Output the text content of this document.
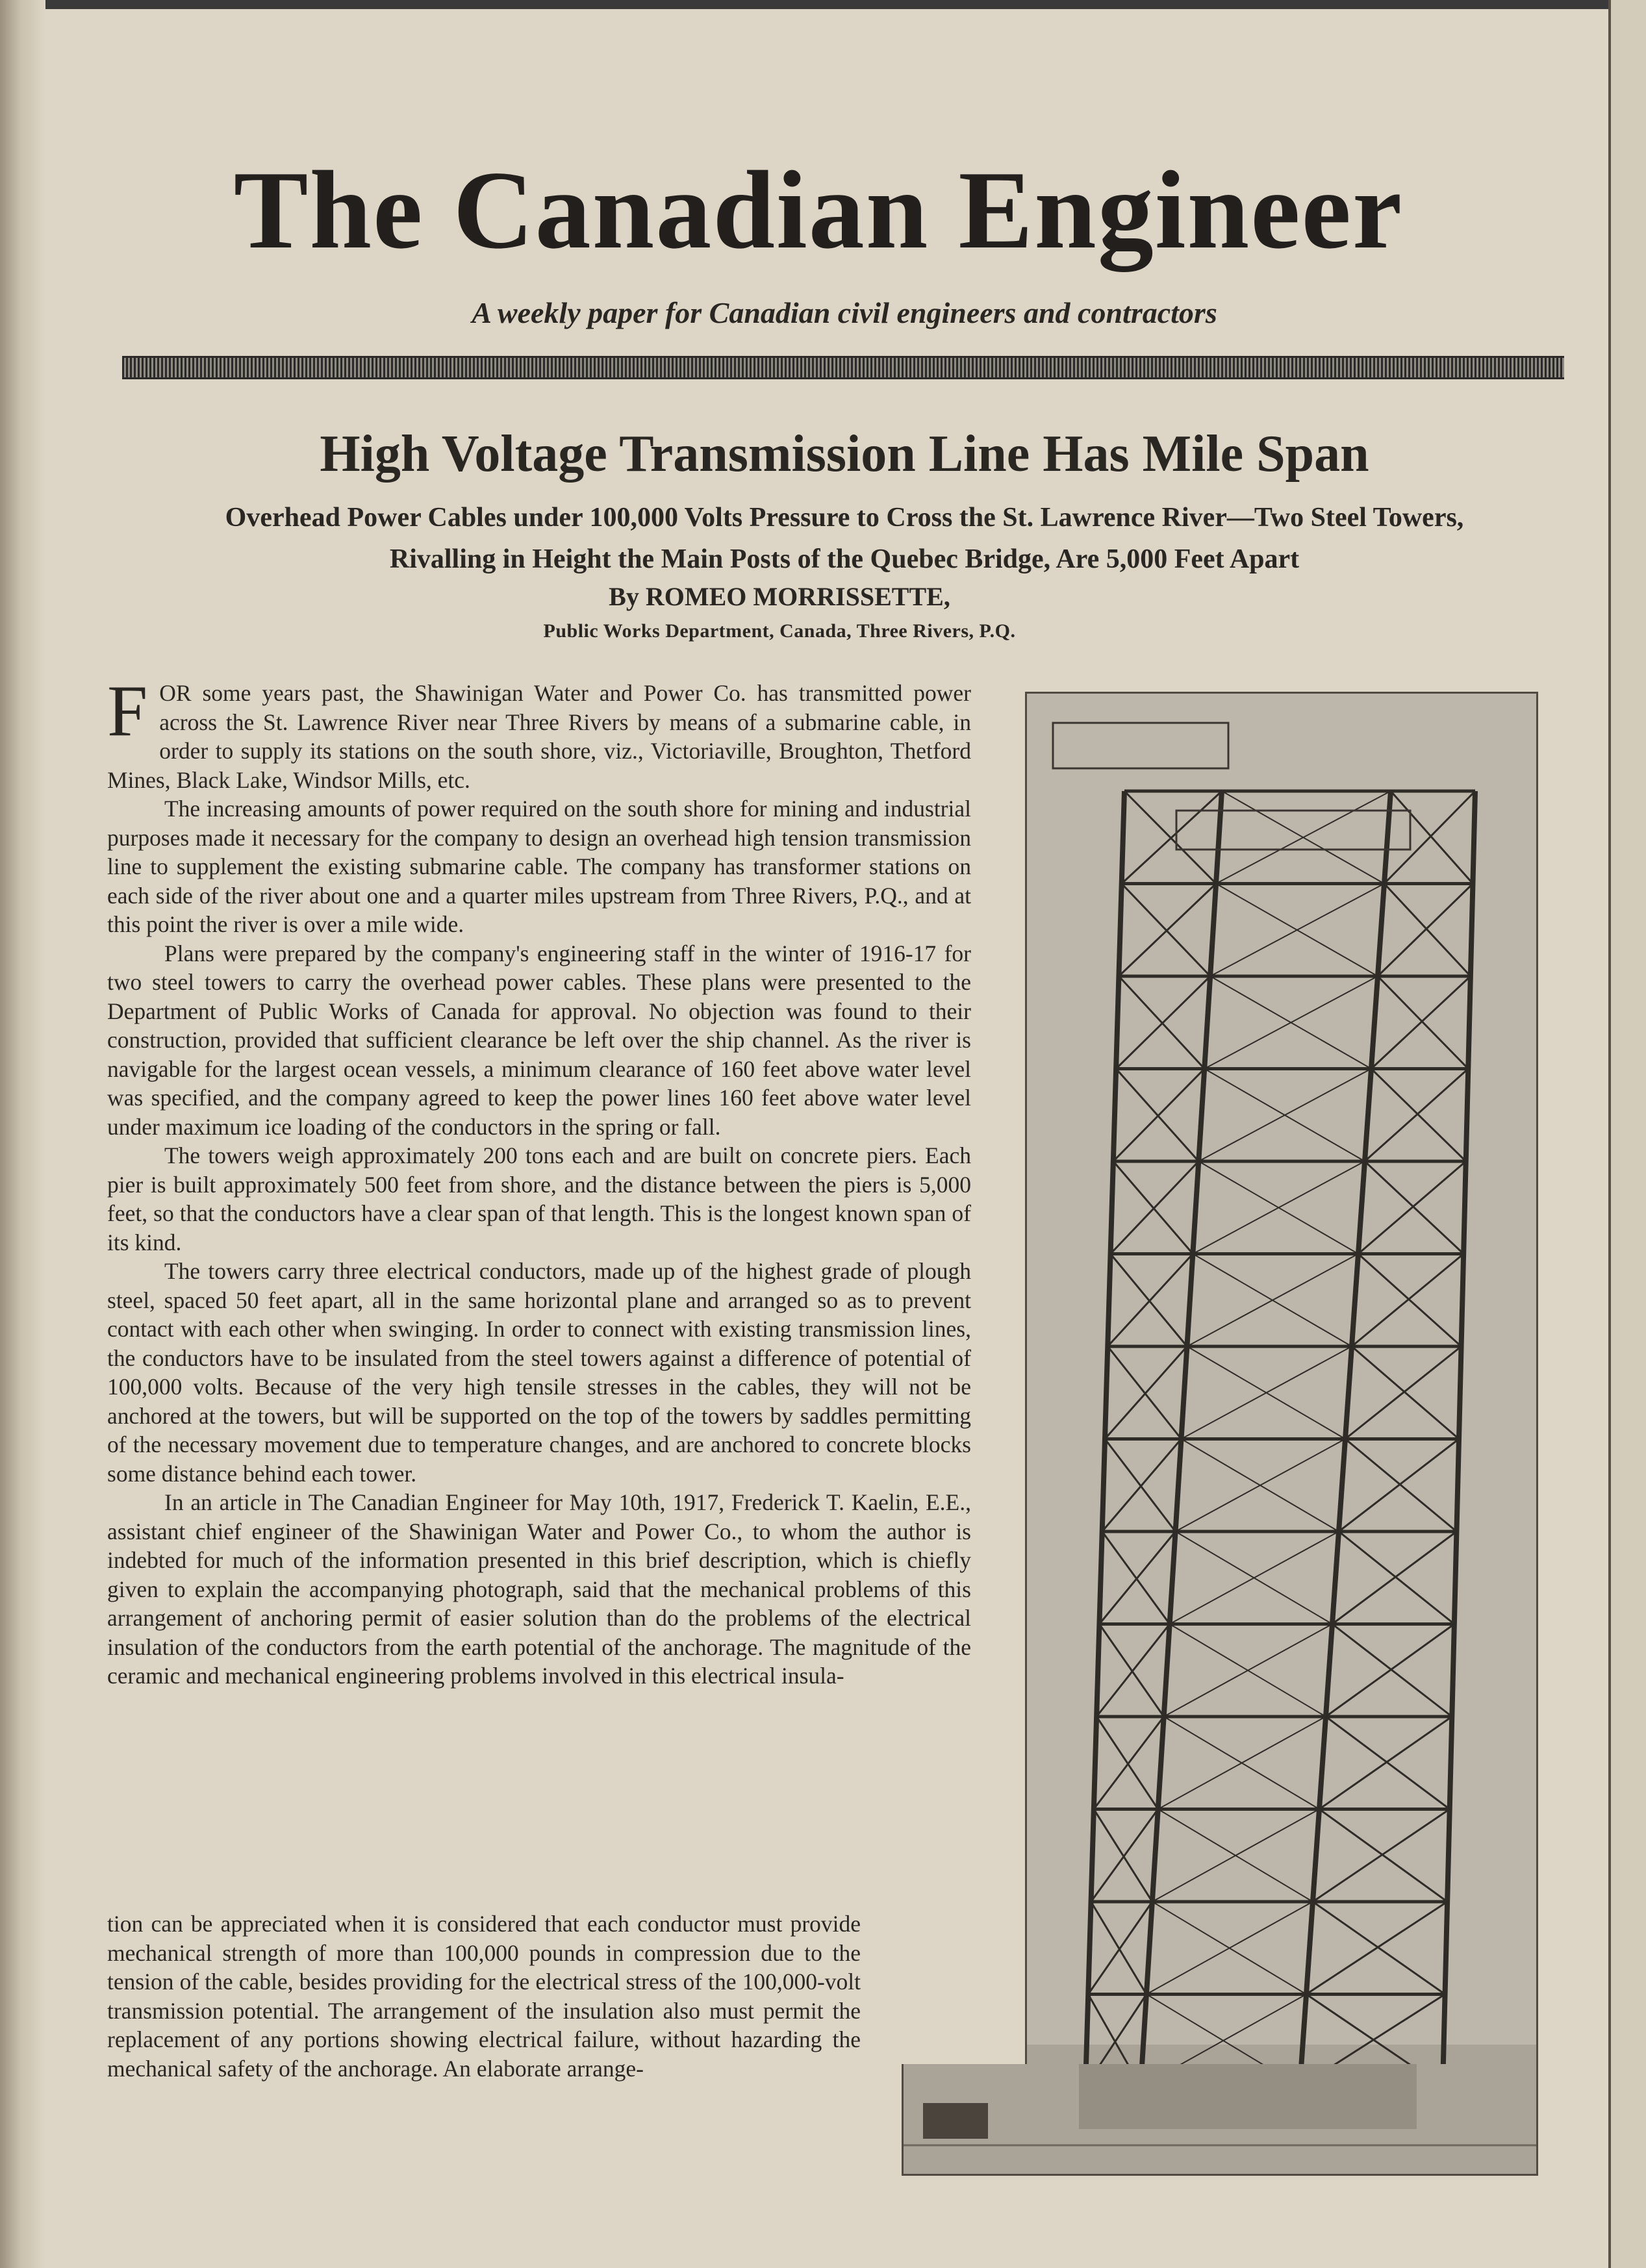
The Canadian Engineer
A weekly paper for Canadian civil engineers and contractors
High Voltage Transmission Line Has Mile Span
Overhead Power Cables under 100,000 Volts Pressure to Cross the St. Lawrence River—Two Steel Towers, Rivalling in Height the Main Posts of the Quebec Bridge, Are 5,000 Feet Apart
By ROMEO MORRISSETTE,
Public Works Department, Canada, Three Rivers, P.Q.

FOR some years past, the Shawinigan Water and Power Co. has transmitted power across the St. Lawrence River near Three Rivers by means of a submarine cable, in order to supply its stations on the south shore, viz., Victoriaville, Broughton, Thetford Mines, Black Lake, Windsor Mills, etc.

The increasing amounts of power required on the south shore for mining and industrial purposes made it necessary for the company to design an overhead high tension transmission line to supplement the existing submarine cable. The company has transformer stations on each side of the river about one and a quarter miles upstream from Three Rivers, P.Q., and at this point the river is over a mile wide.

Plans were prepared by the company's engineering staff in the winter of 1916-17 for two steel towers to carry the overhead power cables. These plans were presented to the Department of Public Works of Canada for approval. No objection was found to their construction, provided that sufficient clearance be left over the ship channel. As the river is navigable for the largest ocean vessels, a minimum clearance of 160 feet above water level was specified, and the company agreed to keep the power lines 160 feet above water level under maximum ice loading of the conductors in the spring or fall.

The towers weigh approximately 200 tons each and are built on concrete piers. Each pier is built approximately 500 feet from shore, and the distance between the piers is 5,000 feet, so that the conductors have a clear span of that length. This is the longest known span of its kind.

The towers carry three electrical conductors, made up of the highest grade of plough steel, spaced 50 feet apart, all in the same horizontal plane and arranged so as to prevent contact with each other when swinging. In order to connect with existing transmission lines, the conductors have to be insulated from the steel towers against a difference of potential of 100,000 volts. Because of the very high tensile stresses in the cables, they will not be anchored at the towers, but will be supported on the top of the towers by saddles permitting of the necessary movement due to temperature changes, and are anchored to concrete blocks some distance behind each tower.

In an article in The Canadian Engineer for May 10th, 1917, Frederick T. Kaelin, E.E., assistant chief engineer of the Shawinigan Water and Power Co., to whom the author is indebted for much of the information presented in this brief description, which is chiefly given to explain the accompanying photograph, said that the mechanical problems of this arrangement of anchoring permit of easier solution than do the problems of the electrical insulation of the conductors from the earth potential of the anchorage. The magnitude of the ceramic and mechanical engineering problems involved in this electrical insula-

tion can be appreciated when it is considered that each conductor must provide mechanical strength of more than 100,000 pounds in compression due to the tension of the cable, besides providing for the electrical stress of the 100,000-volt transmission potential. The arrangement of the insulation also must permit the replacement of any portions showing electrical failure, without hazarding the mechanical safety of the anchorage. An elaborate arrange-
